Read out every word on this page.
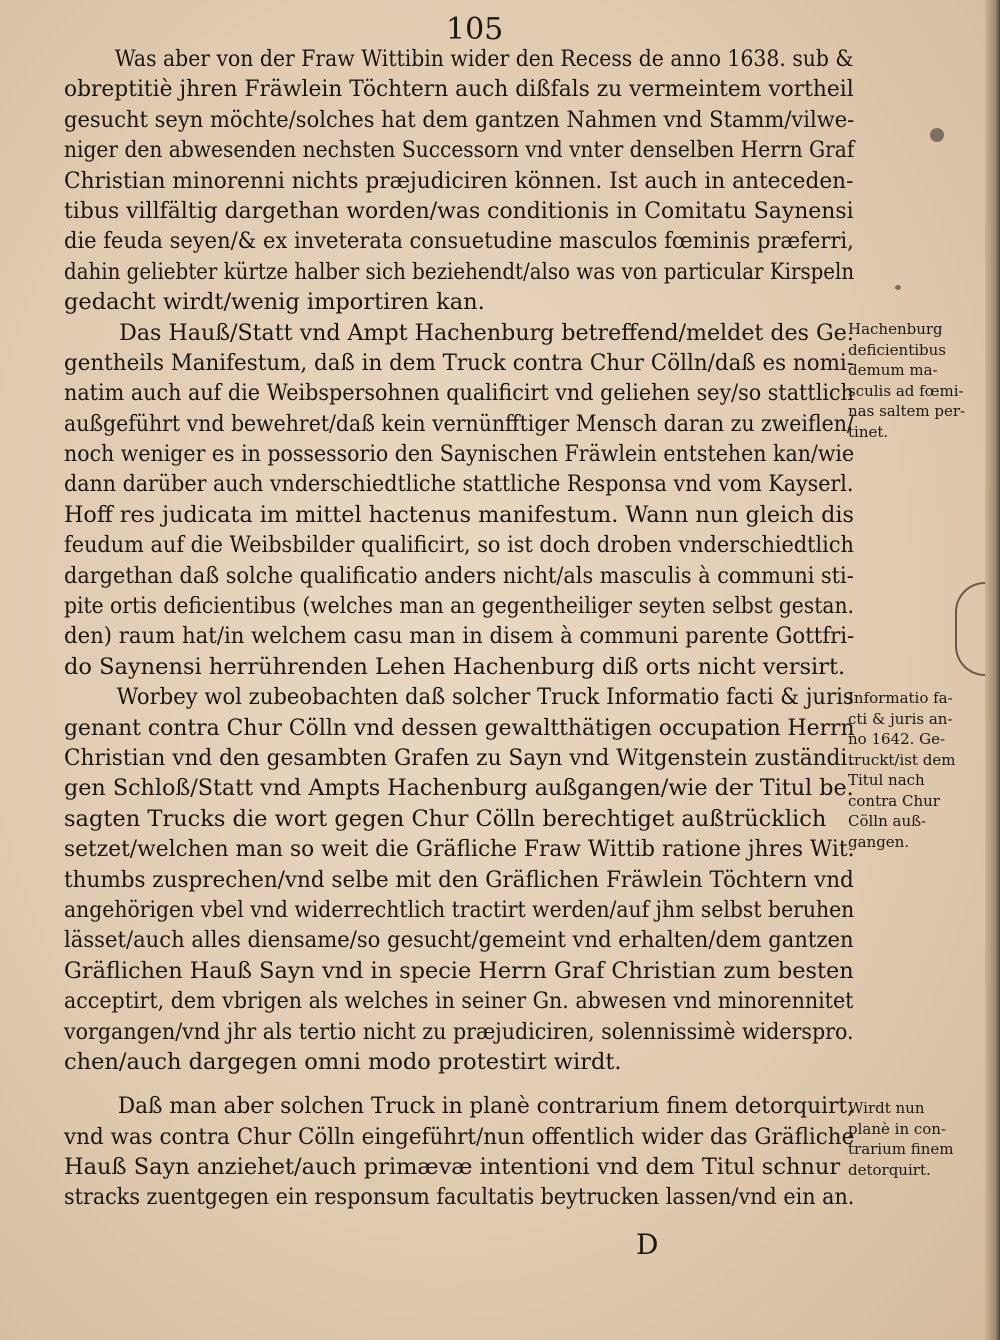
105
Was aber von der Fraw Wittibin wider den Recess de anno 1638. sub &
obreptitiè jhren Fräwlein Töchtern auch dißfals zu vermeintem vortheil
gesucht seyn möchte/solches hat dem gantzen Nahmen vnd Stamm/vilwe-
niger den abwesenden nechsten Successorn vnd vnter denselben Herrn Graf
Christian minorenni nichts præjudiciren können. Ist auch in anteceden-
tibus villfältig dargethan worden/was conditionis in Comitatu Saynensi
die feuda seyen/& ex inveterata consuetudine masculos fœminis præferri,
dahin geliebter kürtze halber sich beziehendt/also was von particular Kirspeln
gedacht wirdt/wenig importiren kan.
Das Hauß/Statt vnd Ampt Hachenburg betreffend/meldet des Ge.
gentheils Manifestum, daß in dem Truck contra Chur Cölln/daß es nomi-
natim auch auf die Weibspersohnen qualificirt vnd geliehen sey/so stattlich
außgeführt vnd bewehret/daß kein vernünfftiger Mensch daran zu zweiflen/
noch weniger es in possessorio den Saynischen Fräwlein entstehen kan/wie
dann darüber auch vnderschiedtliche stattliche Responsa vnd vom Kayserl.
Hoff res judicata im mittel hactenus manifestum. Wann nun gleich dis
feudum auf die Weibsbilder qualificirt, so ist doch droben vnderschiedtlich
dargethan daß solche qualificatio anders nicht/als masculis à communi sti-
pite ortis deficientibus (welches man an gegentheiliger seyten selbst gestan.
den) raum hat/in welchem casu man in disem à communi parente Gottfri-
do Saynensi herrührenden Lehen Hachenburg diß orts nicht versirt.
Worbey wol zubeobachten daß solcher Truck Informatio facti & juris
genant contra Chur Cölln vnd dessen gewaltthätigen occupation Herrn
Christian vnd den gesambten Grafen zu Sayn vnd Witgenstein zuständi.
gen Schloß/Statt vnd Ampts Hachenburg außgangen/wie der Titul be.
sagten Trucks die wort gegen Chur Cölln berechtiget außtrücklich
setzet/welchen man so weit die Gräfliche Fraw Wittib ratione jhres Wit.
thumbs zusprechen/vnd selbe mit den Gräflichen Fräwlein Töchtern vnd
angehörigen vbel vnd widerrechtlich tractirt werden/auf jhm selbst beruhen
lässet/auch alles diensame/so gesucht/gemeint vnd erhalten/dem gantzen
Gräflichen Hauß Sayn vnd in specie Herrn Graf Christian zum besten
acceptirt, dem vbrigen als welches in seiner Gn. abwesen vnd minorennitet
vorgangen/vnd jhr als tertio nicht zu præjudiciren, solennissimè widerspro.
chen/auch dargegen omni modo protestirt wirdt.
Daß man aber solchen Truck in planè contrarium finem detorquirt,
vnd was contra Chur Cölln eingeführt/nun offentlich wider das Gräfliche
Hauß Sayn anziehet/auch primævæ intentioni vnd dem Titul schnur
stracks zuentgegen ein responsum facultatis beytrucken lassen/vnd ein an.
Hachenburg
deficientibus
demum ma-
sculis ad fœmi-
nas saltem per-
tinet.
Informatio fa-
cti & juris an-
no 1642. Ge-
truckt/ist dem
Titul nach
contra Chur
Cölln auß-
gangen.
Wirdt nun
planè in con-
trarium finem
detorquirt.
D
